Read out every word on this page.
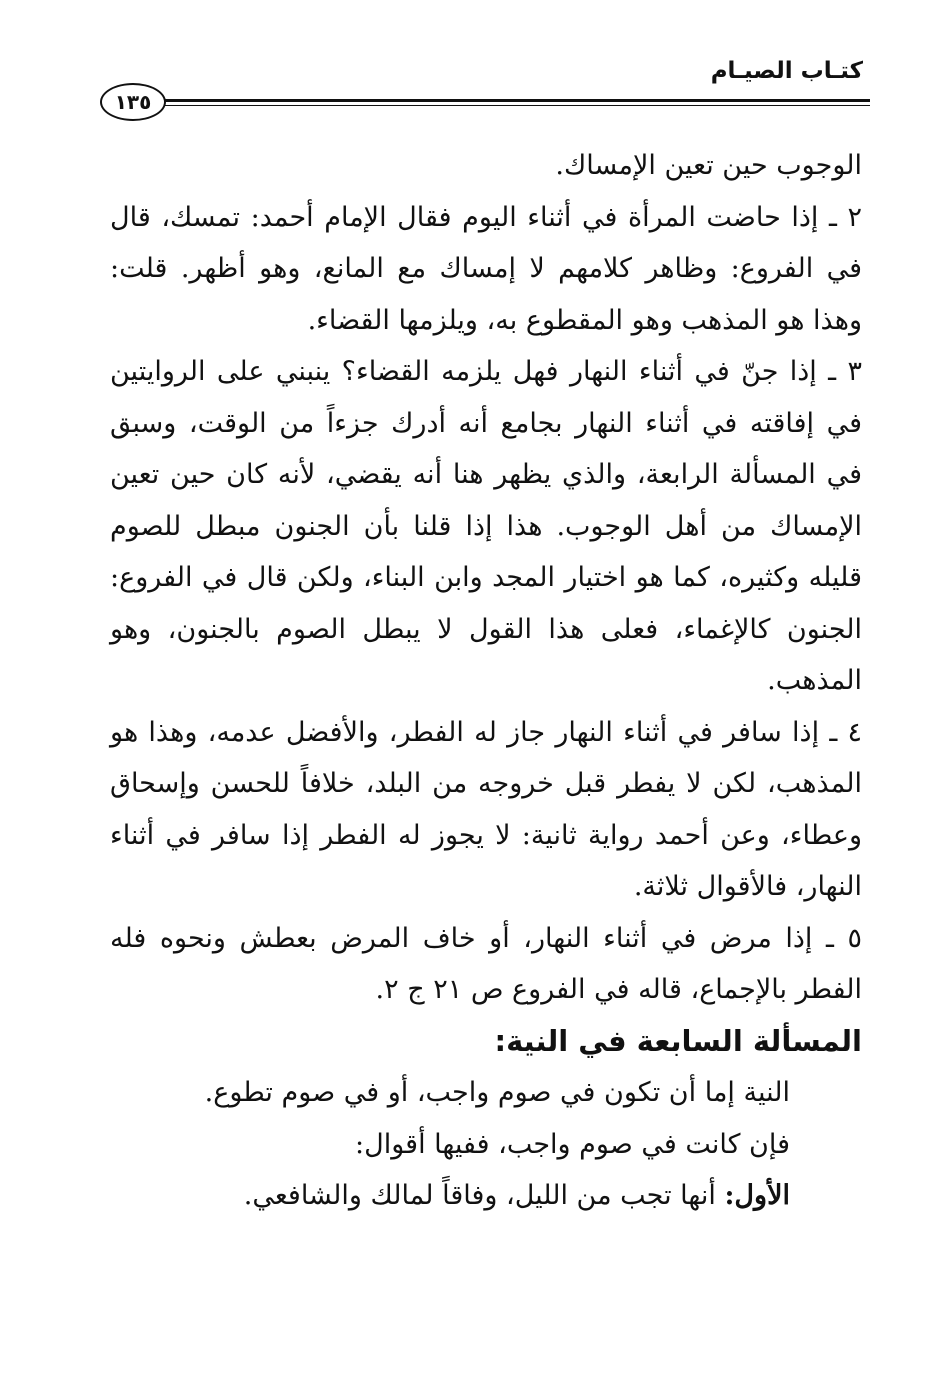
كتـاب الصيـام
١٣٥

الوجوب حين تعين الإمساك.

٢ ـ إذا حاضت المرأة في أثناء اليوم فقال الإمام أحمد: تمسك، قال في الفروع: وظاهر كلامهم لا إمساك مع المانع، وهو أظهر. قلت: وهذا هو المذهب وهو المقطوع به، ويلزمها القضاء.

٣ ـ إذا جنّ في أثناء النهار فهل يلزمه القضاء؟ ينبني على الروايتين في إفاقته في أثناء النهار بجامع أنه أدرك جزءاً من الوقت، وسبق في المسألة الرابعة، والذي يظهر هنا أنه يقضي، لأنه كان حين تعين الإمساك من أهل الوجوب. هذا إذا قلنا بأن الجنون مبطل للصوم قليله وكثيره، كما هو اختيار المجد وابن البناء، ولكن قال في الفروع: الجنون كالإغماء، فعلى هذا القول لا يبطل الصوم بالجنون، وهو المذهب.

٤ ـ إذا سافر في أثناء النهار جاز له الفطر، والأفضل عدمه، وهذا هو المذهب، لكن لا يفطر قبل خروجه من البلد، خلافاً للحسن وإسحاق وعطاء، وعن أحمد رواية ثانية: لا يجوز له الفطر إذا سافر في أثناء النهار، فالأقوال ثلاثة.

٥ ـ إذا مرض في أثناء النهار، أو خاف المرض بعطش ونحوه فله الفطر بالإجماع، قاله في الفروع ص ٢١ ج ٢.

المسألة السابعة في النية:

النية إما أن تكون في صوم واجب، أو في صوم تطوع.

فإن كانت في صوم واجب، ففيها أقوال:

الأول: أنها تجب من الليل، وفاقاً لمالك والشافعي.
